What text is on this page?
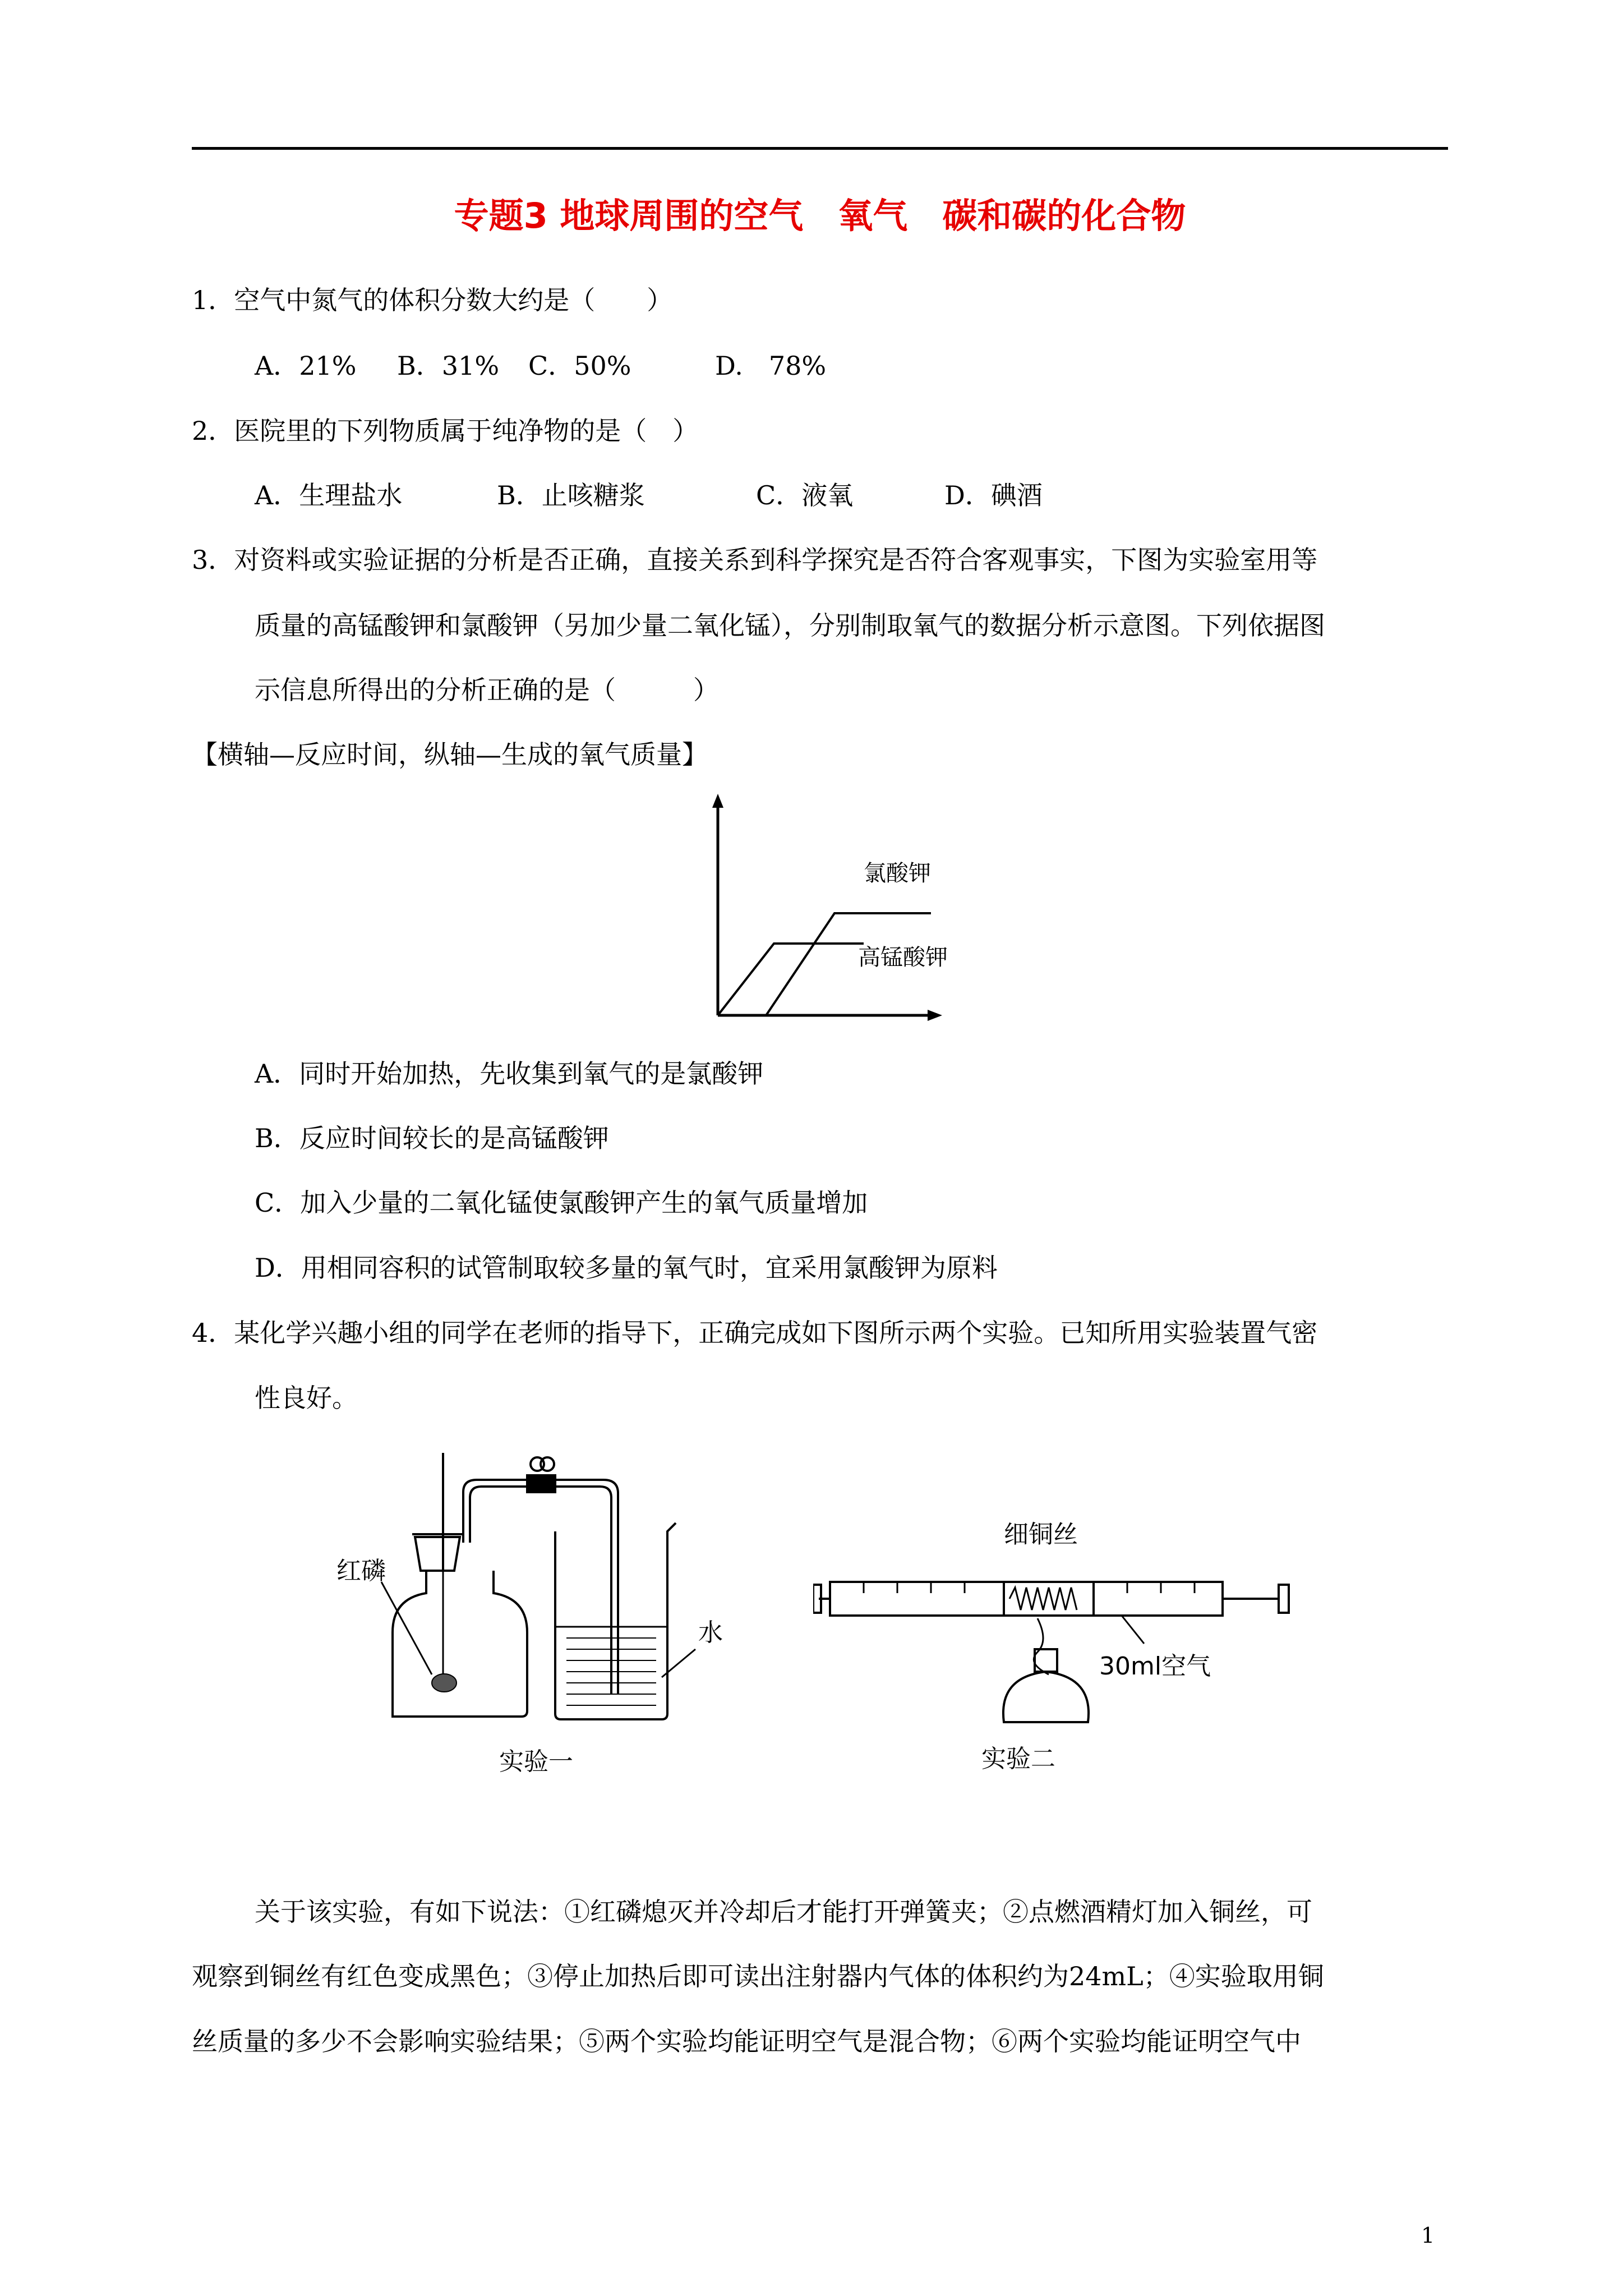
专题3 地球周围的空气　氧气　碳和碳的化合物
1．空气中氮气的体积分数大约是（　　）
A．21% B．31% C．50%	D.　78%
2．医院里的下列物质属于纯净物的是（　）
A．生理盐水	B．止咳糖浆	C．液氧	D．碘酒
3．对资料或实验证据的分析是否正确，直接关系到科学探究是否符合客观事实，下图为实验室用等
质量的高锰酸钾和氯酸钾（另加少量二氧化锰），分别制取氧气的数据分析示意图。下列依据图
示信息所得出的分析正确的是（　　　）
【横轴—反应时间，纵轴—生成的氧气质量】
氯酸钾
高锰酸钾
A．同时开始加热，先收集到氧气的是氯酸钾
B．反应时间较长的是高锰酸钾
C．加入少量的二氧化锰使氯酸钾产生的氧气质量增加
D．用相同容积的试管制取较多量的氧气时，宜采用氯酸钾为原料
4．某化学兴趣小组的同学在老师的指导下，正确完成如下图所示两个实验。已知所用实验装置气密
性良好。
红磷
水
实验一
细铜丝
30ml空气
实验二
关于该实验，有如下说法：①红磷熄灭并冷却后才能打开弹簧夹；②点燃酒精灯加入铜丝，可
观察到铜丝有红色变成黑色；③停止加热后即可读出注射器内气体的体积约为24mL；④实验取用铜
丝质量的多少不会影响实验结果；⑤两个实验均能证明空气是混合物；⑥两个实验均能证明空气中
1
